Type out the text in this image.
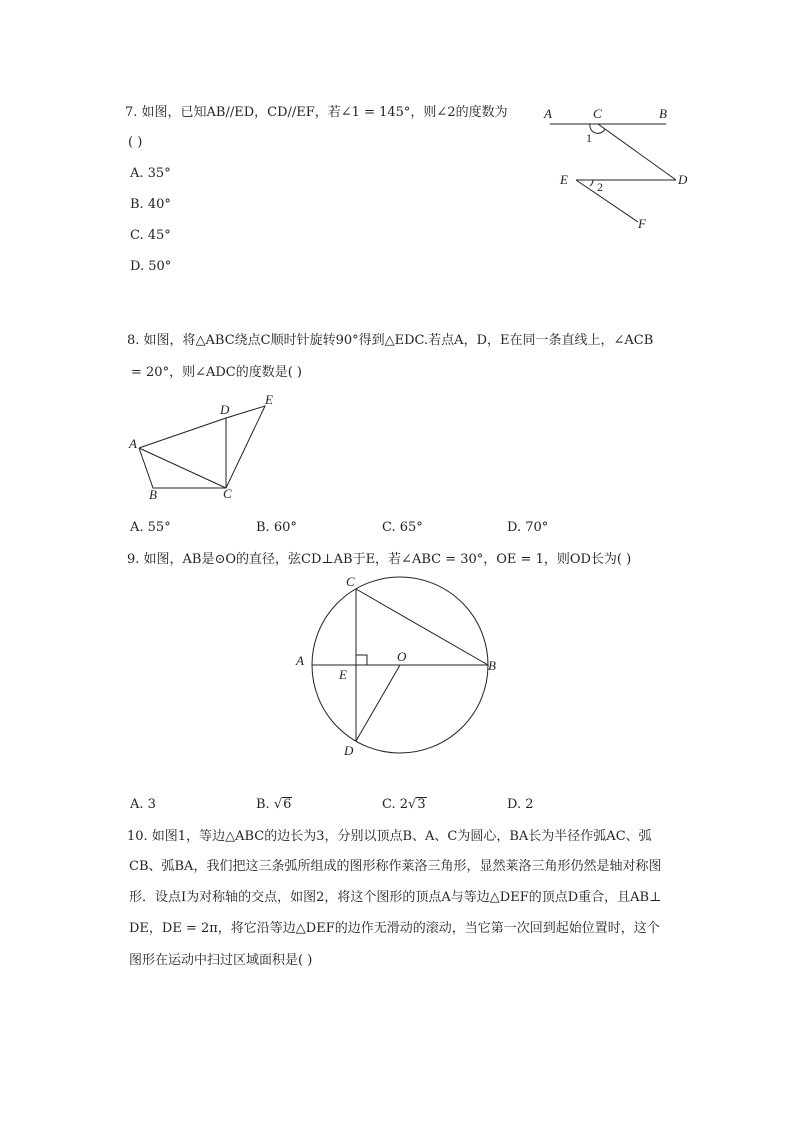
7. 如图，已知AB//ED，CD//EF，若∠1 = 145°，则∠2的度数为
( )
A. 35°
B. 40°
C. 45°
D. 50°
A	C	B
1
E 2	D
F
8. 如图，将△ABC绕点C顺时针旋转90°得到△EDC.若点A，D，E在同一条直线上，∠ACB
= 20°，则∠ADC的度数是( )
D
E
A
B	C
A. 55°	B. 60°	C. 65°	D. 70°
9. 如图，AB是⊙O的直径，弦CD⊥AB于E，若∠ABC = 30°，OE = 1，则OD长为( )
C
A
E
O
B
D
A. 3	B. √6	C. 2√3	D. 2
10. 如图1，等边△ABC的边长为3，分别以顶点B、A、C为圆心，BA长为半径作弧AC、弧
CB、弧BA，我们把这三条弧所组成的图形称作莱洛三角形，显然莱洛三角形仍然是轴对称图
形．设点I为对称轴的交点，如图2，将这个图形的顶点A与等边△DEF的顶点D重合，且AB⊥
DE，DE = 2π，将它沿等边△DEF的边作无滑动的滚动，当它第一次回到起始位置时，这个
图形在运动中扫过区域面积是( )
